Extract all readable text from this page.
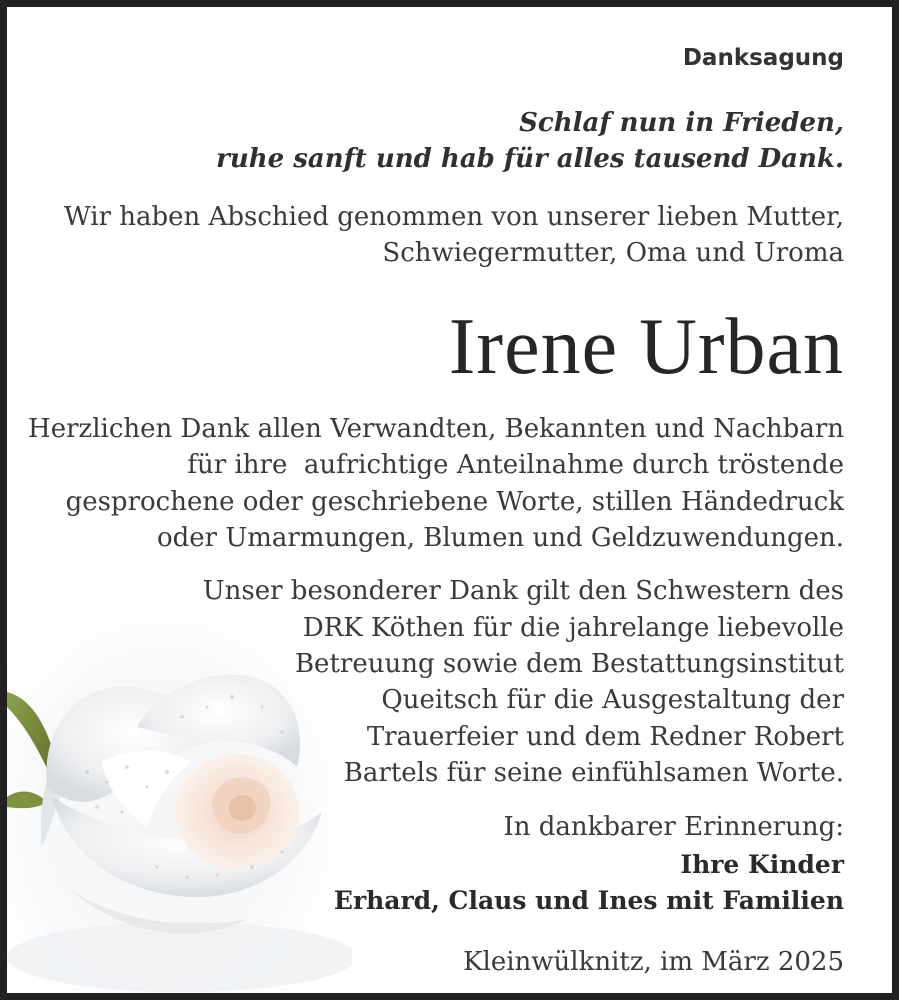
Danksagung

Schlaf nun in Frieden,

ruhe sanft und hab für alles tausend Dank.

Wir haben Abschied genommen von unserer lieben Mutter,

Schwiegermutter, Oma und Uroma

Irene Urban

Herzlichen Dank allen Verwandten, Bekannten und Nachbarn

für ihre  aufrichtige Anteilnahme durch tröstende

gesprochene oder geschriebene Worte, stillen Händedruck

oder Umarmungen, Blumen und Geldzuwendungen.

Unser besonderer Dank gilt den Schwestern des

DRK Köthen für die jahrelange liebevolle

Betreuung sowie dem Bestattungsinstitut

Queitsch für die Ausgestaltung der

Trauerfeier und dem Redner Robert

Bartels für seine einfühlsamen Worte.

In dankbarer Erinnerung:

Ihre Kinder

Erhard, Claus und Ines mit Familien

Kleinwülknitz, im März 2025
